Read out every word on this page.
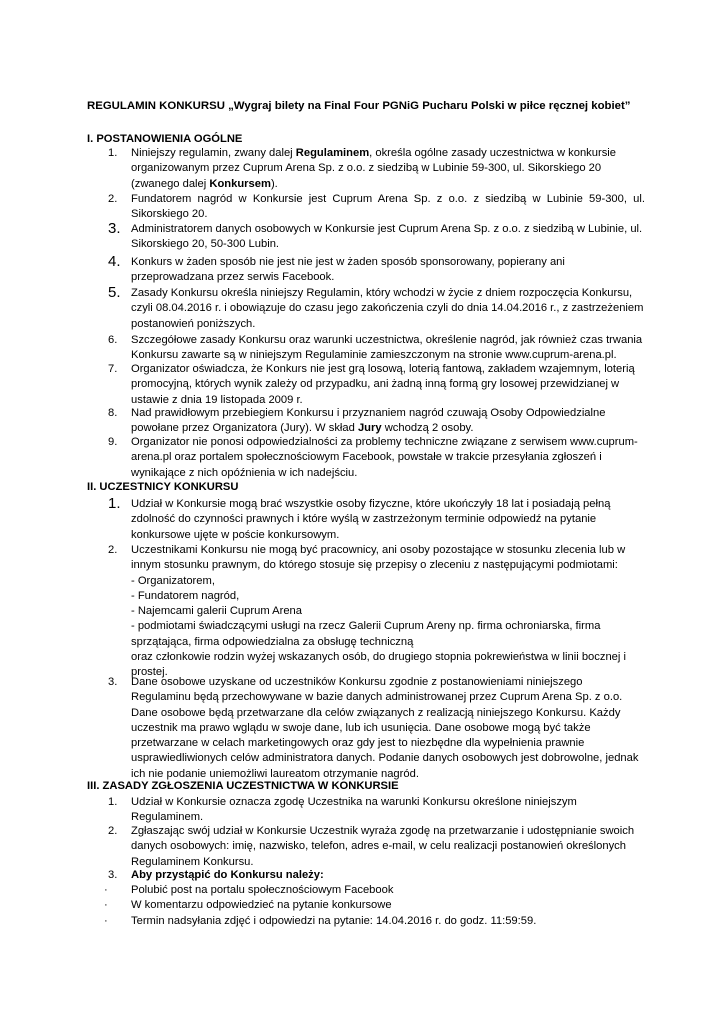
REGULAMIN KONKURSU „Wygraj bilety na Final Four PGNiG Pucharu Polski w piłce ręcznej kobiet”
I. POSTANOWIENIA OGÓLNE
1.	Niniejszy regulamin, zwany dalej Regulaminem, określa ogólne zasady uczestnictwa w konkursie organizowanym przez Cuprum Arena Sp. z o.o. z siedzibą w Lubinie 59-300, ul. Sikorskiego 20 (zwanego dalej Konkursem).
2.	Fundatorem nagród w Konkursie jest Cuprum Arena Sp. z o.o. z siedzibą w Lubinie 59-300, ul. Sikorskiego 20.
3. Administratorem danych osobowych w Konkursie jest Cuprum Arena Sp. z o.o. z siedzibą w Lubinie, ul. Sikorskiego 20, 50-300 Lubin.
4. Konkurs w żaden sposób nie jest nie jest w żaden sposób sponsorowany, popierany ani przeprowadzana przez serwis Facebook.
5. Zasady Konkursu określa niniejszy Regulamin, który wchodzi w życie z dniem rozpoczęcia Konkursu, czyli 08.04.2016 r. i obowiązuje do czasu jego zakończenia czyli do dnia 14.04.2016 r., z zastrzeżeniem postanowień poniższych.
6.	Szczegółowe zasady Konkursu oraz warunki uczestnictwa, określenie nagród, jak również czas trwania Konkursu zawarte są w niniejszym Regulaminie zamieszczonym na stronie www.cuprum-arena.pl.
7.	Organizator oświadcza, że Konkurs nie jest grą losową, loterią fantową, zakładem wzajemnym, loterią promocyjną, których wynik zależy od przypadku, ani żadną inną formą gry losowej przewidzianej w ustawie z dnia 19 listopada 2009 r.
8.	Nad prawidłowym przebiegiem Konkursu i przyznaniem nagród czuwają Osoby Odpowiedzialne powołane przez Organizatora (Jury). W skład Jury wchodzą 2 osoby.
9.	Organizator nie ponosi odpowiedzialności za problemy techniczne związane z serwisem www.cuprum-arena.pl oraz portalem społecznościowym Facebook, powstałe w trakcie przesyłania zgłoszeń i wynikające z nich opóźnienia w ich nadejściu.
II. UCZESTNICY KONKURSU
1. Udział w Konkursie mogą brać wszystkie osoby fizyczne, które ukończyły 18 lat i posiadają pełną zdolność do czynności prawnych i które wyślą w zastrzeżonym terminie odpowiedź na pytanie konkursowe ujęte w poście konkursowym.
2.	Uczestnikami Konkursu nie mogą być pracownicy, ani osoby pozostające w stosunku zlecenia lub w innym stosunku prawnym, do którego stosuje się przepisy o zleceniu z następującymi podmiotami:
- Organizatorem,
- Fundatorem nagród,
- Najemcami galerii Cuprum Arena
- podmiotami świadczącymi usługi na rzecz Galerii Cuprum Areny np. firma ochroniarska, firma sprzątająca, firma odpowiedzialna za obsługę techniczną
oraz członkowie rodzin wyżej wskazanych osób, do drugiego stopnia pokrewieństwa w linii bocznej i prostej.
3.	Dane osobowe uzyskane od uczestników Konkursu zgodnie z postanowieniami niniejszego Regulaminu będą przechowywane w bazie danych administrowanej przez Cuprum Arena Sp. z o.o. Dane osobowe będą przetwarzane dla celów związanych z realizacją niniejszego Konkursu. Każdy uczestnik ma prawo wglądu w swoje dane, lub ich usunięcia. Dane osobowe mogą być także przetwarzane w celach marketingowych oraz gdy jest to niezbędne dla wypełnienia prawnie usprawiedliwionych celów administratora danych. Podanie danych osobowych jest dobrowolne, jednak ich nie podanie uniemożliwi laureatom otrzymanie nagród.
III. ZASADY ZGŁOSZENIA UCZESTNICTWA W KONKURSIE
1.	Udział w Konkursie oznacza zgodę Uczestnika na warunki Konkursu określone niniejszym Regulaminem.
2.	Zgłaszając swój udział w Konkursie Uczestnik wyraża zgodę na przetwarzanie i udostępnianie swoich danych osobowych: imię, nazwisko, telefon, adres e-mail, w celu realizacji postanowień określonych Regulaminem Konkursu.
3.	Aby przystąpić do Konkursu należy:
· Polubić post na portalu społecznościowym Facebook
· W komentarzu odpowiedzieć na pytanie konkursowe
· Termin nadsyłania zdjęć i odpowiedzi na pytanie: 14.04.2016 r. do godz. 11:59:59.
